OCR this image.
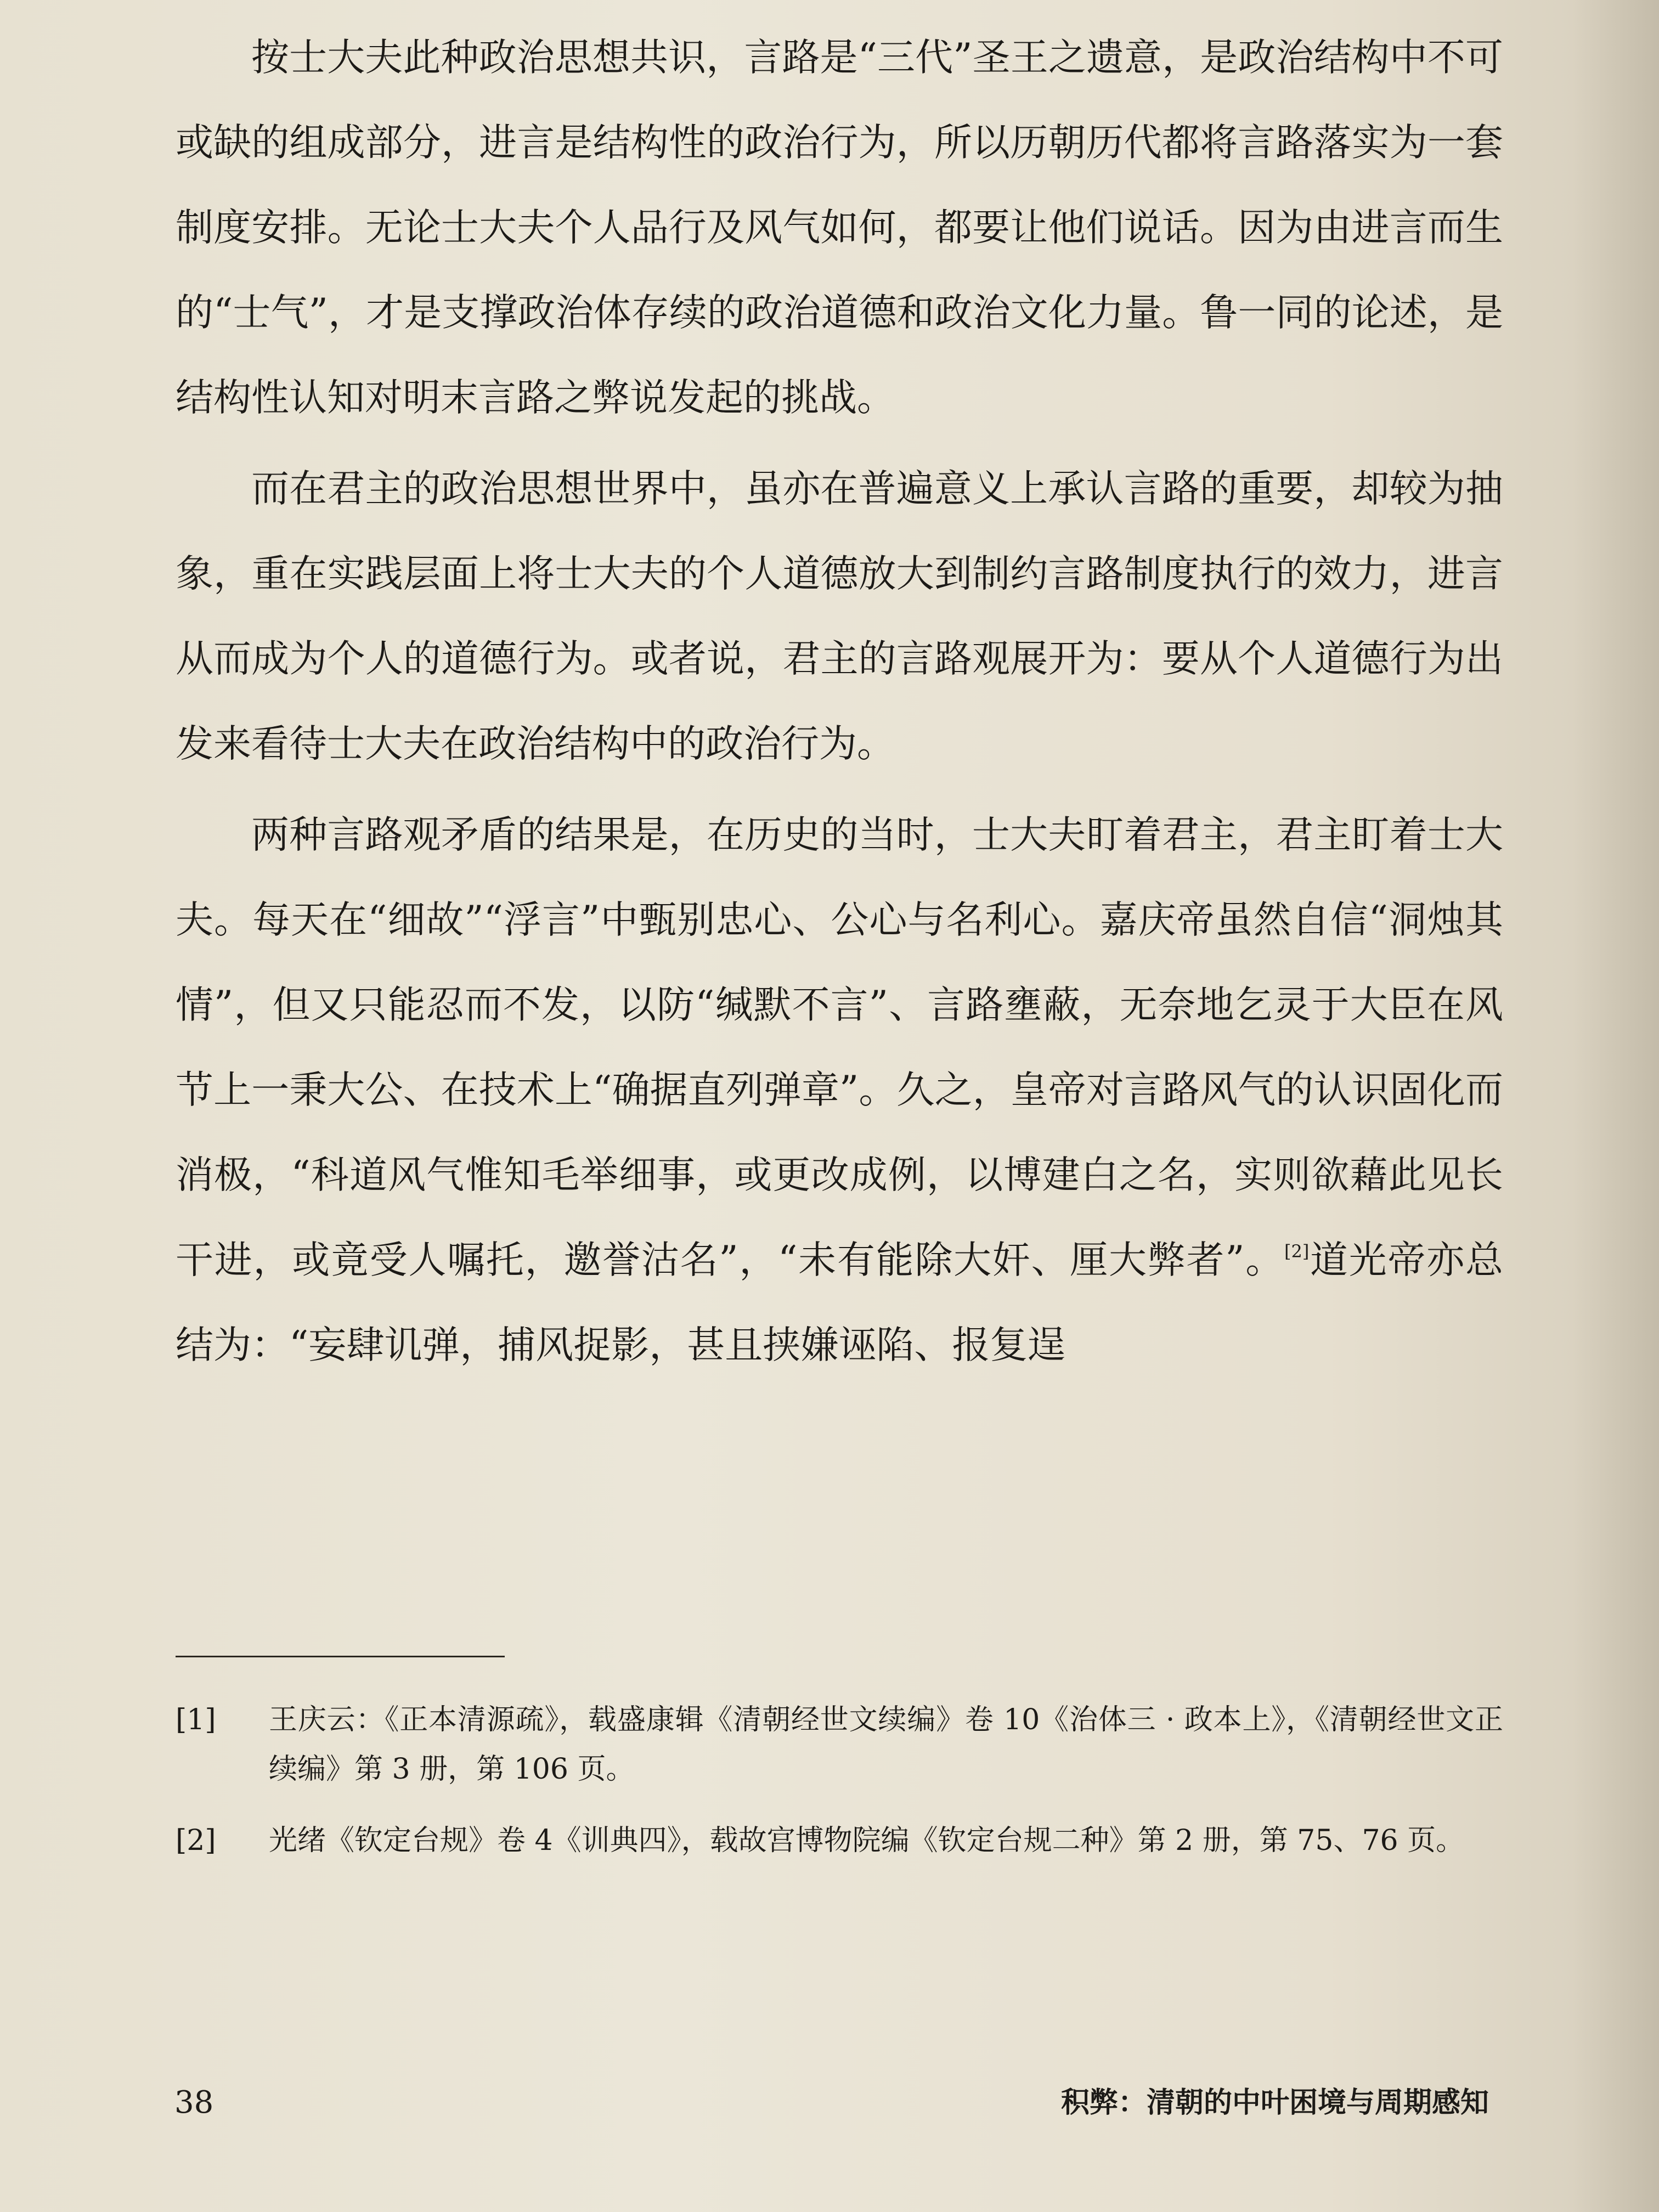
按士大夫此种政治思想共识，言路是“三代”圣王之遗意，是政治结构中不可或缺的组成部分，进言是结构性的政治行为，所以历朝历代都将言路落实为一套制度安排。无论士大夫个人品行及风气如何，都要让他们说话。因为由进言而生的“士气”，才是支撑政治体存续的政治道德和政治文化力量。鲁一同的论述，是结构性认知对明末言路之弊说发起的挑战。

而在君主的政治思想世界中，虽亦在普遍意义上承认言路的重要，却较为抽象，重在实践层面上将士大夫的个人道德放大到制约言路制度执行的效力，进言从而成为个人的道德行为。或者说，君主的言路观展开为：要从个人道德行为出发来看待士大夫在政治结构中的政治行为。

两种言路观矛盾的结果是，在历史的当时，士大夫盯着君主，君主盯着士大夫。每天在“细故”“浮言”中甄别忠心、公心与名利心。嘉庆帝虽然自信“洞烛其情”，但又只能忍而不发，以防“缄默不言”、言路壅蔽，无奈地乞灵于大臣在风节上一秉大公、在技术上“确据直列弹章”。久之，皇帝对言路风气的认识固化而消极，“科道风气惟知毛举细事，或更改成例，以博建白之名，实则欲藉此见长干进，或竟受人嘱托，邀誉沽名”，“未有能除大奸、厘大弊者”。[2]道光帝亦总结为：“妄肆讥弹，捕风捉影，甚且挟嫌诬陷、报复逞

[1]	王庆云：《正本清源疏》，载盛康辑《清朝经世文续编》卷 10《治体三 · 政本上》，《清朝经世文正续编》第 3 册，第 106 页。
[2]	光绪《钦定台规》卷 4《训典四》，载故宫博物院编《钦定台规二种》第 2 册，第 75、76 页。
38	积弊：清朝的中叶困境与周期感知
